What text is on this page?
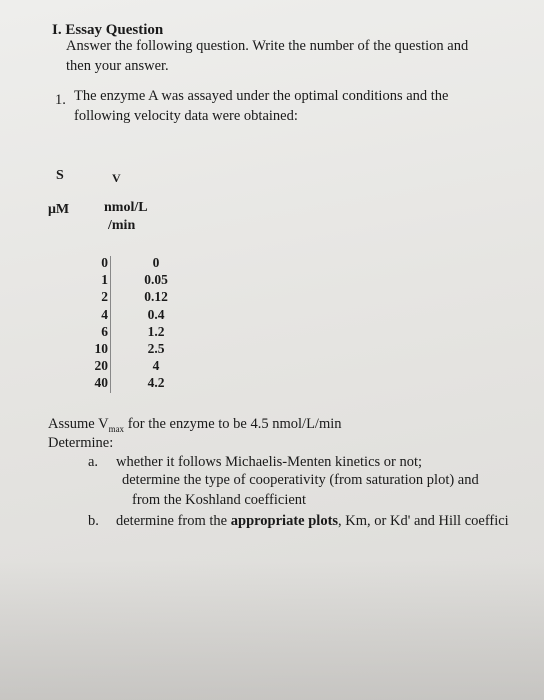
I. Essay Question
Answer the following question. Write the number of the question and
then your answer.
1. The enzyme A was assayed under the optimal conditions and the
following velocity data were obtained:
S	V
μM nmol/L
/min
0	0
1	0.05
2	0.12
4	0.4
6	1.2
10	2.5
20	4
40	4.2
Assume $V_{max}$ for the enzyme to be 4.5 nmol/L/min
Determine:
a. whether it follows Michaelis-Menten kinetics or not;
determine the type of cooperativity (from saturation plot) and
from the Koshland coefficient
b. determine from the appropriate plots, Km, or Kd' and Hill coeffici
